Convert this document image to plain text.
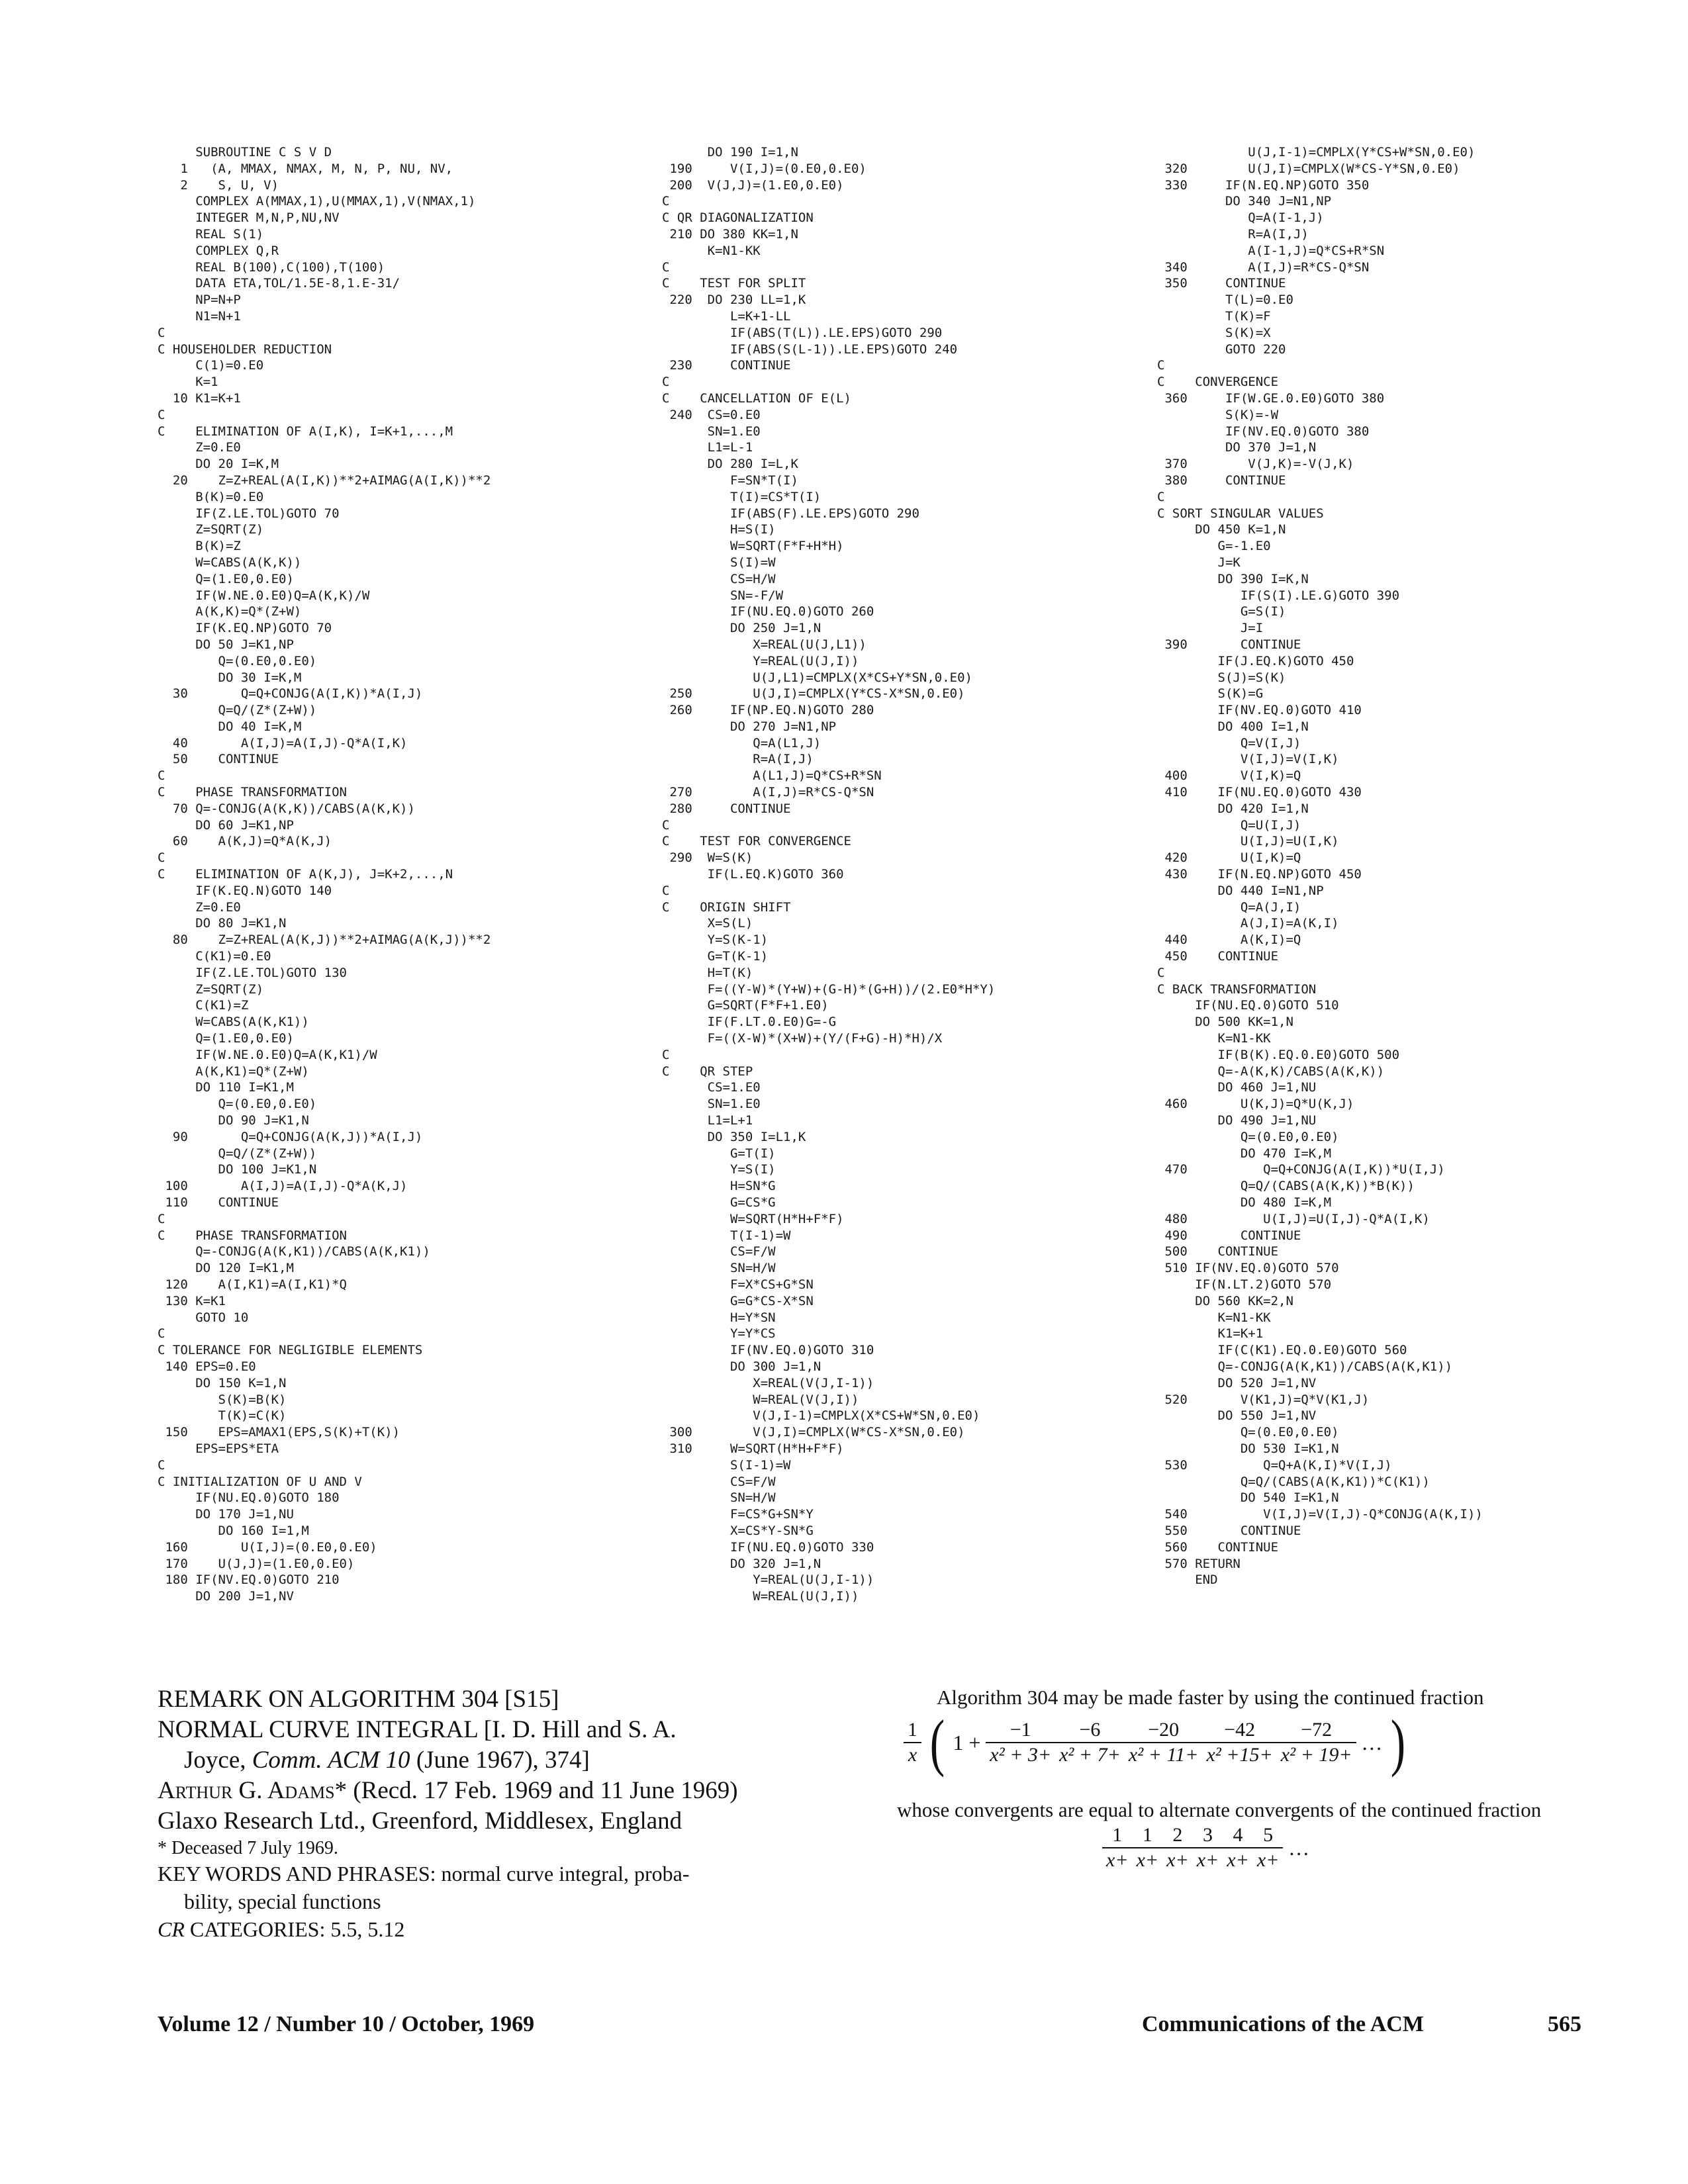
SUBROUTINE C S V D
1   (A, MMAX, NMAX, M, N, P, NU, NV,
2    S, U, V)
COMPLEX A(MMAX,1),U(MMAX,1),V(NMAX,1)
INTEGER M,N,P,NU,NV
REAL S(1)
COMPLEX Q,R
REAL B(100),C(100),T(100)
DATA ETA,TOL/1.5E-8,1.E-31/
NP=N+P
N1=N+1
C
C HOUSEHOLDER REDUCTION
C(1)=0.E0
K=1
10 K1=K+1
C
C    ELIMINATION OF A(I,K), I=K+1,...,M
Z=0.E0
DO 20 I=K,M
20    Z=Z+REAL(A(I,K))**2+AIMAG(A(I,K))**2
B(K)=0.E0
IF(Z.LE.TOL)GOTO 70
Z=SQRT(Z)
B(K)=Z
W=CABS(A(K,K))
Q=(1.E0,0.E0)
IF(W.NE.0.E0)Q=A(K,K)/W
A(K,K)=Q*(Z+W)
IF(K.EQ.NP)GOTO 70
DO 50 J=K1,NP
Q=(0.E0,0.E0)
DO 30 I=K,M
30       Q=Q+CONJG(A(I,K))*A(I,J)
Q=Q/(Z*(Z+W))
DO 40 I=K,M
40       A(I,J)=A(I,J)-Q*A(I,K)
50    CONTINUE
C
C    PHASE TRANSFORMATION
70 Q=-CONJG(A(K,K))/CABS(A(K,K))
DO 60 J=K1,NP
60    A(K,J)=Q*A(K,J)
C
C    ELIMINATION OF A(K,J), J=K+2,...,N
IF(K.EQ.N)GOTO 140
Z=0.E0
DO 80 J=K1,N
80    Z=Z+REAL(A(K,J))**2+AIMAG(A(K,J))**2
C(K1)=0.E0
IF(Z.LE.TOL)GOTO 130
Z=SQRT(Z)
C(K1)=Z
W=CABS(A(K,K1))
Q=(1.E0,0.E0)
IF(W.NE.0.E0)Q=A(K,K1)/W
A(K,K1)=Q*(Z+W)
DO 110 I=K1,M
Q=(0.E0,0.E0)
DO 90 J=K1,N
90       Q=Q+CONJG(A(K,J))*A(I,J)
Q=Q/(Z*(Z+W))
DO 100 J=K1,N
100       A(I,J)=A(I,J)-Q*A(K,J)
110    CONTINUE
C
C    PHASE TRANSFORMATION
Q=-CONJG(A(K,K1))/CABS(A(K,K1))
DO 120 I=K1,M
120    A(I,K1)=A(I,K1)*Q
130 K=K1
GOTO 10
C
C TOLERANCE FOR NEGLIGIBLE ELEMENTS
140 EPS=0.E0
DO 150 K=1,N
S(K)=B(K)
T(K)=C(K)
150    EPS=AMAX1(EPS,S(K)+T(K))
EPS=EPS*ETA
C
C INITIALIZATION OF U AND V
IF(NU.EQ.0)GOTO 180
DO 170 J=1,NU
DO 160 I=1,M
160       U(I,J)=(0.E0,0.E0)
170    U(J,J)=(1.E0,0.E0)
180 IF(NV.EQ.0)GOTO 210
DO 200 J=1,NV
DO 190 I=1,N
190     V(I,J)=(0.E0,0.E0)
200  V(J,J)=(1.E0,0.E0)
C
C QR DIAGONALIZATION
210 DO 380 KK=1,N
K=N1-KK
C
C    TEST FOR SPLIT
220  DO 230 LL=1,K
L=K+1-LL
IF(ABS(T(L)).LE.EPS)GOTO 290
IF(ABS(S(L-1)).LE.EPS)GOTO 240
230     CONTINUE
C
C    CANCELLATION OF E(L)
240  CS=0.E0
SN=1.E0
L1=L-1
DO 280 I=L,K
F=SN*T(I)
T(I)=CS*T(I)
IF(ABS(F).LE.EPS)GOTO 290
H=S(I)
W=SQRT(F*F+H*H)
S(I)=W
CS=H/W
SN=-F/W
IF(NU.EQ.0)GOTO 260
DO 250 J=1,N
X=REAL(U(J,L1))
Y=REAL(U(J,I))
U(J,L1)=CMPLX(X*CS+Y*SN,0.E0)
250        U(J,I)=CMPLX(Y*CS-X*SN,0.E0)
260     IF(NP.EQ.N)GOTO 280
DO 270 J=N1,NP
Q=A(L1,J)
R=A(I,J)
A(L1,J)=Q*CS+R*SN
270        A(I,J)=R*CS-Q*SN
280     CONTINUE
C
C    TEST FOR CONVERGENCE
290  W=S(K)
IF(L.EQ.K)GOTO 360
C
C    ORIGIN SHIFT
X=S(L)
Y=S(K-1)
G=T(K-1)
H=T(K)
F=((Y-W)*(Y+W)+(G-H)*(G+H))/(2.E0*H*Y)
G=SQRT(F*F+1.E0)
IF(F.LT.0.E0)G=-G
F=((X-W)*(X+W)+(Y/(F+G)-H)*H)/X
C
C    QR STEP
CS=1.E0
SN=1.E0
L1=L+1
DO 350 I=L1,K
G=T(I)
Y=S(I)
H=SN*G
G=CS*G
W=SQRT(H*H+F*F)
T(I-1)=W
CS=F/W
SN=H/W
F=X*CS+G*SN
G=G*CS-X*SN
H=Y*SN
Y=Y*CS
IF(NV.EQ.0)GOTO 310
DO 300 J=1,N
X=REAL(V(J,I-1))
W=REAL(V(J,I))
V(J,I-1)=CMPLX(X*CS+W*SN,0.E0)
300        V(J,I)=CMPLX(W*CS-X*SN,0.E0)
310     W=SQRT(H*H+F*F)
S(I-1)=W
CS=F/W
SN=H/W
F=CS*G+SN*Y
X=CS*Y-SN*G
IF(NU.EQ.0)GOTO 330
DO 320 J=1,N
Y=REAL(U(J,I-1))
W=REAL(U(J,I))
U(J,I-1)=CMPLX(Y*CS+W*SN,0.E0)
320        U(J,I)=CMPLX(W*CS-Y*SN,0.E0)
330     IF(N.EQ.NP)GOTO 350
DO 340 J=N1,NP
Q=A(I-1,J)
R=A(I,J)
A(I-1,J)=Q*CS+R*SN
340        A(I,J)=R*CS-Q*SN
350     CONTINUE
T(L)=0.E0
T(K)=F
S(K)=X
GOTO 220
C
C    CONVERGENCE
360     IF(W.GE.0.E0)GOTO 380
S(K)=-W
IF(NV.EQ.0)GOTO 380
DO 370 J=1,N
370        V(J,K)=-V(J,K)
380     CONTINUE
C
C SORT SINGULAR VALUES
DO 450 K=1,N
G=-1.E0
J=K
DO 390 I=K,N
IF(S(I).LE.G)GOTO 390
G=S(I)
J=I
390       CONTINUE
IF(J.EQ.K)GOTO 450
S(J)=S(K)
S(K)=G
IF(NV.EQ.0)GOTO 410
DO 400 I=1,N
Q=V(I,J)
V(I,J)=V(I,K)
400       V(I,K)=Q
410    IF(NU.EQ.0)GOTO 430
DO 420 I=1,N
Q=U(I,J)
U(I,J)=U(I,K)
420       U(I,K)=Q
430    IF(N.EQ.NP)GOTO 450
DO 440 I=N1,NP
Q=A(J,I)
A(J,I)=A(K,I)
440       A(K,I)=Q
450    CONTINUE
C
C BACK TRANSFORMATION
IF(NU.EQ.0)GOTO 510
DO 500 KK=1,N
K=N1-KK
IF(B(K).EQ.0.E0)GOTO 500
Q=-A(K,K)/CABS(A(K,K))
DO 460 J=1,NU
460       U(K,J)=Q*U(K,J)
DO 490 J=1,NU
Q=(0.E0,0.E0)
DO 470 I=K,M
470          Q=Q+CONJG(A(I,K))*U(I,J)
Q=Q/(CABS(A(K,K))*B(K))
DO 480 I=K,M
480          U(I,J)=U(I,J)-Q*A(I,K)
490       CONTINUE
500    CONTINUE
510 IF(NV.EQ.0)GOTO 570
IF(N.LT.2)GOTO 570
DO 560 KK=2,N
K=N1-KK
K1=K+1
IF(C(K1).EQ.0.E0)GOTO 560
Q=-CONJG(A(K,K1))/CABS(A(K,K1))
DO 520 J=1,NV
520       V(K1,J)=Q*V(K1,J)
DO 550 J=1,NV
Q=(0.E0,0.E0)
DO 530 I=K1,N
530          Q=Q+A(K,I)*V(I,J)
Q=Q/(CABS(A(K,K1))*C(K1))
DO 540 I=K1,N
540          V(I,J)=V(I,J)-Q*CONJG(A(K,I))
550       CONTINUE
560    CONTINUE
570 RETURN
END
REMARK ON ALGORITHM 304 [S15]
NORMAL CURVE INTEGRAL [I. D. Hill and S. A.
Joyce, Comm. ACM 10 (June 1967), 374]
Arthur G. Adams* (Recd. 17 Feb. 1969 and 11 June 1969)
Glaxo Research Ltd., Greenford, Middlesex, England
* Deceased 7 July 1969.
KEY WORDS AND PHRASES: normal curve integral, proba-
bility, special functions
CR CATEGORIES: 5.5, 5.12

Algorithm 304 may be made faster by using the continued fraction

$\frac{1}{x}$ ( $1 + \frac{-1}{\text{x² + 3+}} \frac{-6}{\text{x² + 7+}} \frac{-20}{\text{x² + 11+}} \frac{-42}{\text{x² +15+}} \frac{-72}{\text{x² + 19+}}$ … )

whose convergents are equal to alternate convergents of the continued fraction

$\frac{1}{x+} \frac{1}{x+} \frac{2}{x+} \frac{3}{x+} \frac{4}{x+} \frac{5}{x+}$ …
Volume 12 / Number 10 / October, 1969	Communications of the ACM	565
